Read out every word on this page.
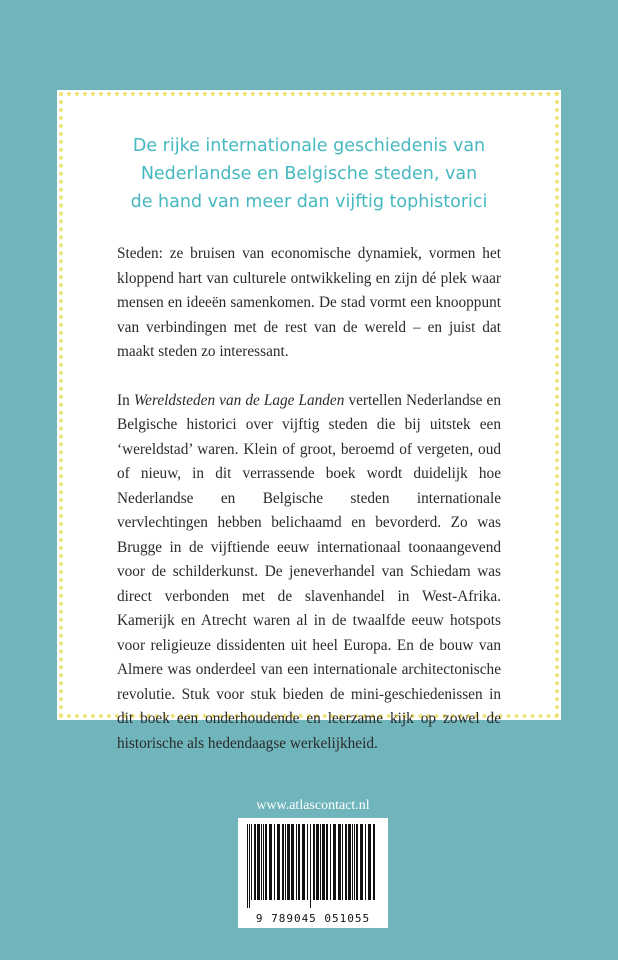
De rijke internationale geschiedenis van
Nederlandse en Belgische steden, van
de hand van meer dan vijftig tophistorici

Steden: ze bruisen van economische dynamiek, vormen het kloppend hart van culturele ontwikkeling en zijn dé plek waar mensen en ideeën samenkomen. De stad vormt een knooppunt van verbindingen met de rest van de wereld – en juist dat maakt steden zo interessant.

In Wereldsteden van de Lage Landen vertellen Nederlandse en Belgische historici over vijftig steden die bij uitstek een ‘wereldstad’ waren. Klein of groot, beroemd of vergeten, oud of nieuw, in dit verrassende boek wordt duidelijk hoe Nederlandse en Belgische steden internationale vervlechtingen hebben belichaamd en bevorderd. Zo was Brugge in de vijftiende eeuw internationaal toonaangevend voor de schilderkunst. De jeneverhandel van Schiedam was direct verbonden met de slavenhandel in West-Afrika. Kamerijk en Atrecht waren al in de twaalfde eeuw hotspots voor religieuze dissidenten uit heel Europa. En de bouw van Almere was onderdeel van een internationale architectonische revolutie. Stuk voor stuk bieden de mini-geschiedenissen in dit boek een onderhoudende en leerzame kijk op zowel de historische als hedendaagse werkelijkheid.

www.atlascontact.nl
9 789045 051055
